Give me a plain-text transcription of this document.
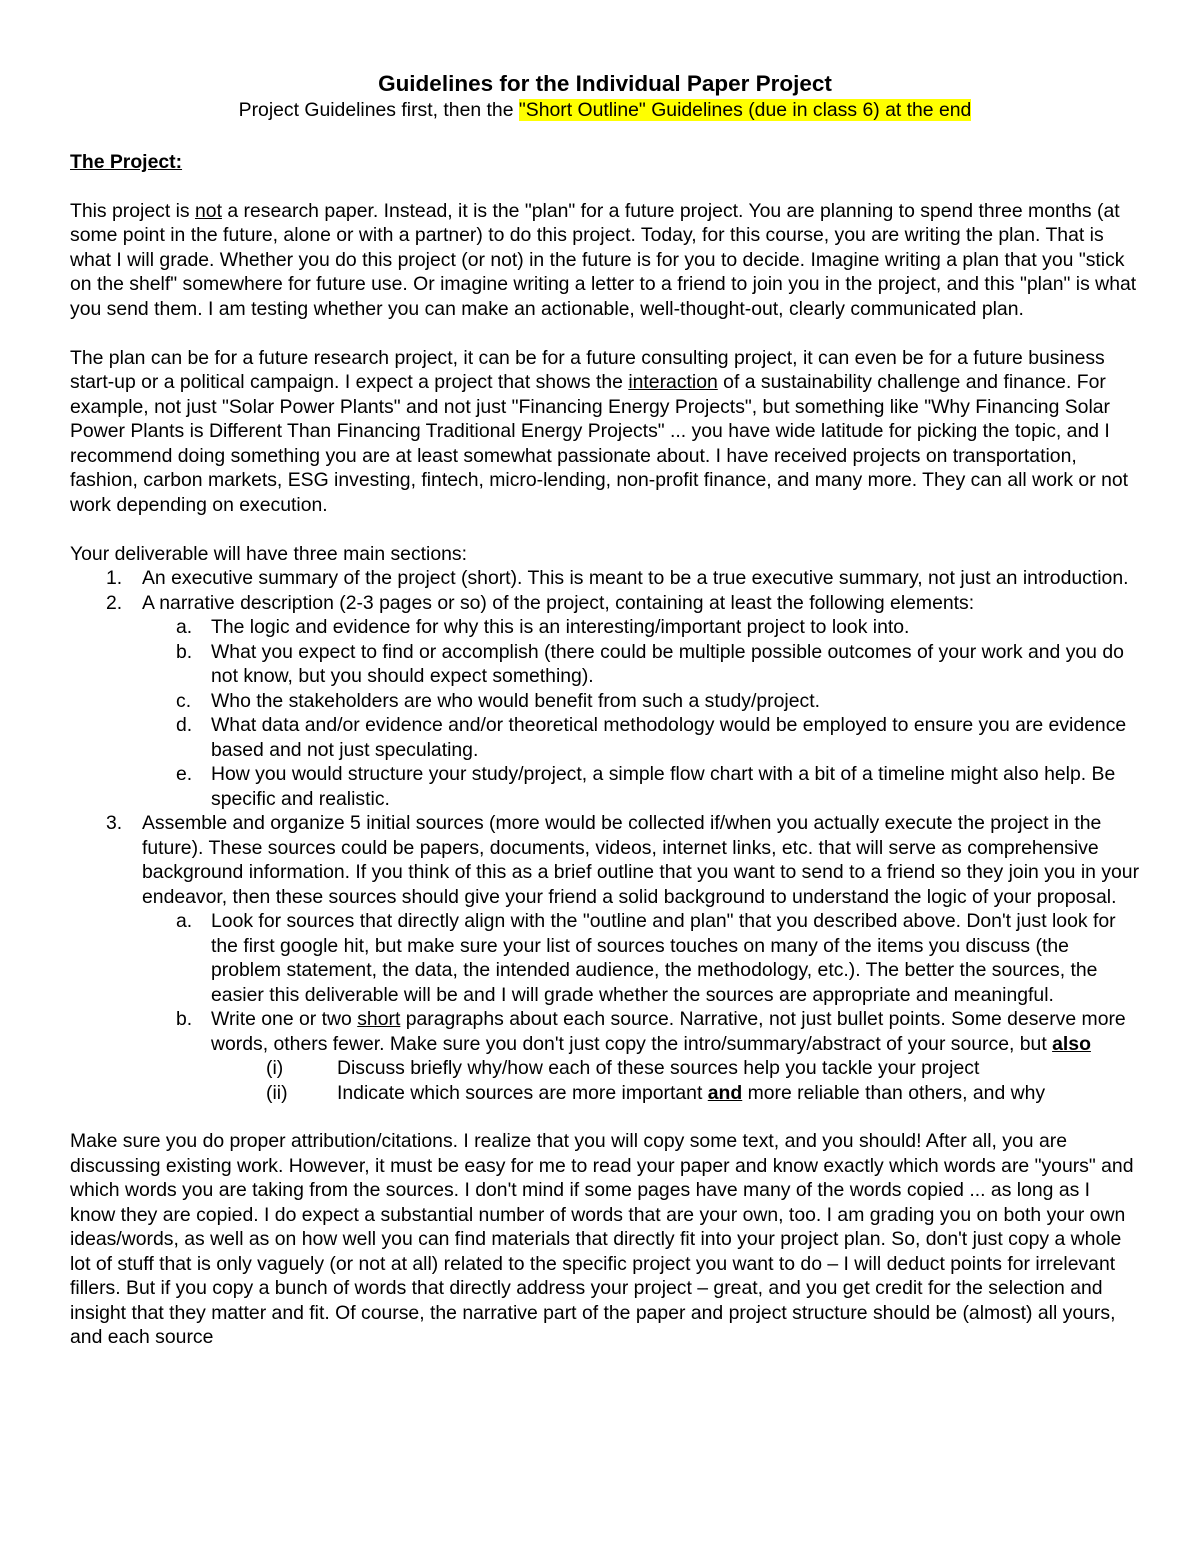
Guidelines for the Individual Paper Project
Project Guidelines first, then the "Short Outline" Guidelines (due in class 6) at the end
The Project:

This project is not a research paper. Instead, it is the "plan" for a future project. You are planning to spend three months (at some point in the future, alone or with a partner) to do this project. Today, for this course, you are writing the plan. That is what I will grade. Whether you do this project (or not) in the future is for you to decide. Imagine writing a plan that you "stick on the shelf" somewhere for future use. Or imagine writing a letter to a friend to join you in the project, and this "plan" is what you send them. I am testing whether you can make an actionable, well-thought-out, clearly communicated plan.

The plan can be for a future research project, it can be for a future consulting project, it can even be for a future business start-up or a political campaign. I expect a project that shows the interaction of a sustainability challenge and finance. For example, not just "Solar Power Plants" and not just "Financing Energy Projects", but something like "Why Financing Solar Power Plants is Different Than Financing Traditional Energy Projects" ... you have wide latitude for picking the topic, and I recommend doing something you are at least somewhat passionate about. I have received projects on transportation, fashion, carbon markets, ESG investing, fintech, micro-lending, non-profit finance, and many more. They can all work or not work depending on execution.

Your deliverable will have three main sections:
1. An executive summary of the project (short). This is meant to be a true executive summary, not just an introduction.
2. A narrative description (2-3 pages or so) of the project, containing at least the following elements:
a. The logic and evidence for why this is an interesting/important project to look into.
b. What you expect to find or accomplish (there could be multiple possible outcomes of your work and you do not know, but you should expect something).
c. Who the stakeholders are who would benefit from such a study/project.
d. What data and/or evidence and/or theoretical methodology would be employed to ensure you are evidence based and not just speculating.
e. How you would structure your study/project, a simple flow chart with a bit of a timeline might also help. Be specific and realistic.
3. Assemble and organize 5 initial sources (more would be collected if/when you actually execute the project in the future). These sources could be papers, documents, videos, internet links, etc. that will serve as comprehensive background information. If you think of this as a brief outline that you want to send to a friend so they join you in your endeavor, then these sources should give your friend a solid background to understand the logic of your proposal.
a. Look for sources that directly align with the "outline and plan" that you described above. Don't just look for the first google hit, but make sure your list of sources touches on many of the items you discuss (the problem statement, the data, the intended audience, the methodology, etc.). The better the sources, the easier this deliverable will be and I will grade whether the sources are appropriate and meaningful.
b. Write one or two short paragraphs about each source. Narrative, not just bullet points. Some deserve more words, others fewer. Make sure you don't just copy the intro/summary/abstract of your source, but also
(i)	Discuss briefly why/how each of these sources help you tackle your project
(ii)	Indicate which sources are more important and more reliable than others, and why

Make sure you do proper attribution/citations. I realize that you will copy some text, and you should! After all, you are discussing existing work. However, it must be easy for me to read your paper and know exactly which words are "yours" and which words you are taking from the sources. I don't mind if some pages have many of the words copied ... as long as I know they are copied. I do expect a substantial number of words that are your own, too. I am grading you on both your own ideas/words, as well as on how well you can find materials that directly fit into your project plan. So, don't just copy a whole lot of stuff that is only vaguely (or not at all) related to the specific project you want to do – I will deduct points for irrelevant fillers. But if you copy a bunch of words that directly address your project – great, and you get credit for the selection and insight that they matter and fit. Of course, the narrative part of the paper and project structure should be (almost) all yours, and each source
